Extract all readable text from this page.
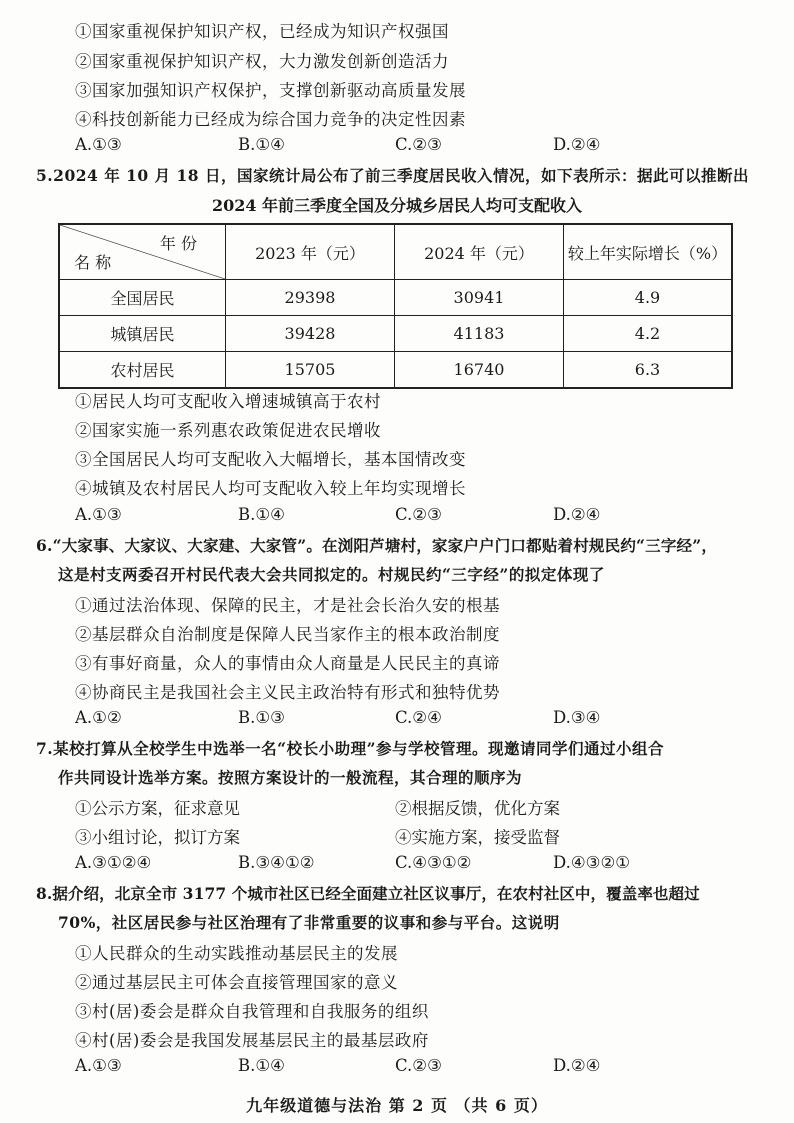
①国家重视保护知识产权，已经成为知识产权强国
②国家重视保护知识产权，大力激发创新创造活力
③国家加强知识产权保护，支撑创新驱动高质量发展
④科技创新能力已经成为综合国力竞争的决定性因素
A.①③	B.①④	C.②③	D.②④
5.2024 年 10 月 18 日，国家统计局公布了前三季度居民收入情况，如下表所示：据此可以推断出
2024 年前三季度全国及分城乡居民人均可支配收入
年 份
名 称	2023 年（元）	2024 年（元）	较上年实际增长（%）
全国居民	29398	30941	4.9
城镇居民	39428	41183	4.2
农村居民	15705	16740	6.3
①居民人均可支配收入增速城镇高于农村
②国家实施一系列惠农政策促进农民增收
③全国居民人均可支配收入大幅增长，基本国情改变
④城镇及农村居民人均可支配收入较上年均实现增长
A.①③	B.①④	C.②③	D.②④
6.“大家事、大家议、大家建、大家管”。在浏阳芦塘村，家家户户门口都贴着村规民约“三字经”，
这是村支两委召开村民代表大会共同拟定的。村规民约“三字经”的拟定体现了
①通过法治体现、保障的民主，才是社会长治久安的根基
②基层群众自治制度是保障人民当家作主的根本政治制度
③有事好商量，众人的事情由众人商量是人民民主的真谛
④协商民主是我国社会主义民主政治特有形式和独特优势
A.①②	B.①③	C.②④	D.③④
7.某校打算从全校学生中选举一名“校长小助理”参与学校管理。现邀请同学们通过小组合
作共同设计选举方案。按照方案设计的一般流程，其合理的顺序为
①公示方案，征求意见	②根据反馈，优化方案
③小组讨论，拟订方案	④实施方案，接受监督
A.③①②④	B.③④①②	C.④③①②	D.④③②①
8.据介绍，北京全市 3177 个城市社区已经全面建立社区议事厅，在农村社区中，覆盖率也超过
70%，社区居民参与社区治理有了非常重要的议事和参与平台。这说明
①人民群众的生动实践推动基层民主的发展
②通过基层民主可体会直接管理国家的意义
③村(居)委会是群众自我管理和自我服务的组织
④村(居)委会是我国发展基层民主的最基层政府
A.①③	B.①④	C.②③	D.②④
九年级道德与法治 第 2 页 （共 6 页）
